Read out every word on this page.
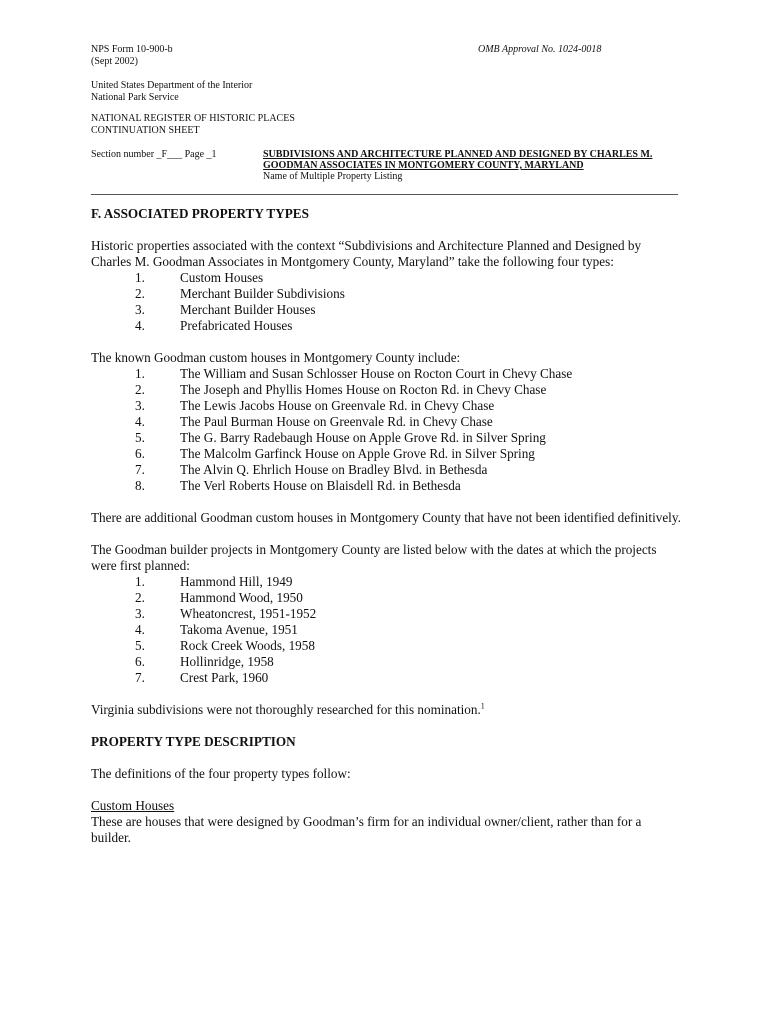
NPS Form 10-900-b
(Sept 2002)
OMB Approval No. 1024-0018
United States Department of the Interior
National Park Service
NATIONAL REGISTER OF HISTORIC PLACES
CONTINUATION SHEET
Section number _F___ Page _1	SUBDIVISIONS AND ARCHITECTURE PLANNED AND DESIGNED BY CHARLES M.
GOODMAN ASSOCIATES IN MONTGOMERY COUNTY, MARYLAND
Name of Multiple Property Listing
F. ASSOCIATED PROPERTY TYPES

Historic properties associated with the context “Subdivisions and Architecture Planned and Designed by Charles M. Goodman Associates in Montgomery County, Maryland” take the following four types:

1.	Custom Houses
2.	Merchant Builder Subdivisions
3.	Merchant Builder Houses
4.	Prefabricated Houses

The known Goodman custom houses in Montgomery County include:

1.	The William and Susan Schlosser House on Rocton Court in Chevy Chase
2.	The Joseph and Phyllis Homes House on Rocton Rd. in Chevy Chase
3.	The Lewis Jacobs House on Greenvale Rd. in Chevy Chase
4.	The Paul Burman House on Greenvale Rd. in Chevy Chase
5.	The G. Barry Radebaugh House on Apple Grove Rd. in Silver Spring
6.	The Malcolm Garfinck House on Apple Grove Rd. in Silver Spring
7.	The Alvin Q. Ehrlich House on Bradley Blvd. in Bethesda
8.	The Verl Roberts House on Blaisdell Rd. in Bethesda

There are additional Goodman custom houses in Montgomery County that have not been identified definitively.

The Goodman builder projects in Montgomery County are listed below with the dates at which the projects were first planned:

1.	Hammond Hill, 1949
2.	Hammond Wood, 1950
3.	Wheatoncrest, 1951-1952
4.	Takoma Avenue, 1951
5.	Rock Creek Woods, 1958
6.	Hollinridge, 1958
7.	Crest Park, 1960

Virginia subdivisions were not thoroughly researched for this nomination.$^1$

PROPERTY TYPE DESCRIPTION

The definitions of the four property types follow:

Custom Houses

These are houses that were designed by Goodman’s firm for an individual owner/client, rather than for a builder.
